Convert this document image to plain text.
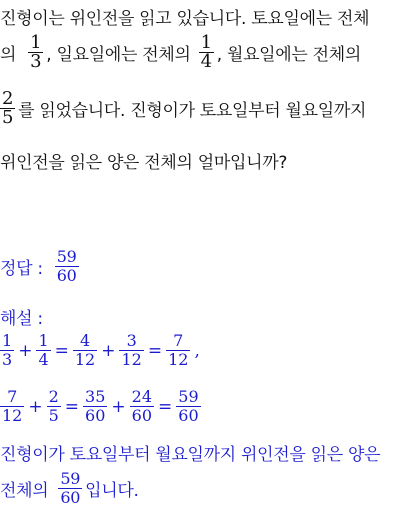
진형이는 위인전을 읽고 있습니다. 토요일에는 전체
의 $\frac{1}{3}$ , 일요일에는 전체의 $\frac{1}{4}$ , 월요일에는 전체의
$\frac{2}{5}$ 를 읽었습니다. 진형이가 토요일부터 월요일까지
위인전을 읽은 양은 전체의 얼마입니까?
정답 : $\frac{59}{60}$
해설 :
$\frac{1}{3} + \frac{1}{4} = \frac{4}{12} + \frac{3}{12} = \frac{7}{12}$ ,
$\frac{7}{12} + \frac{2}{5} = \frac{35}{60} + \frac{24}{60} = \frac{59}{60}$
진형이가 토요일부터 월요일까지 위인전을 읽은 양은
전체의 $\frac{59}{60}$ 입니다.
